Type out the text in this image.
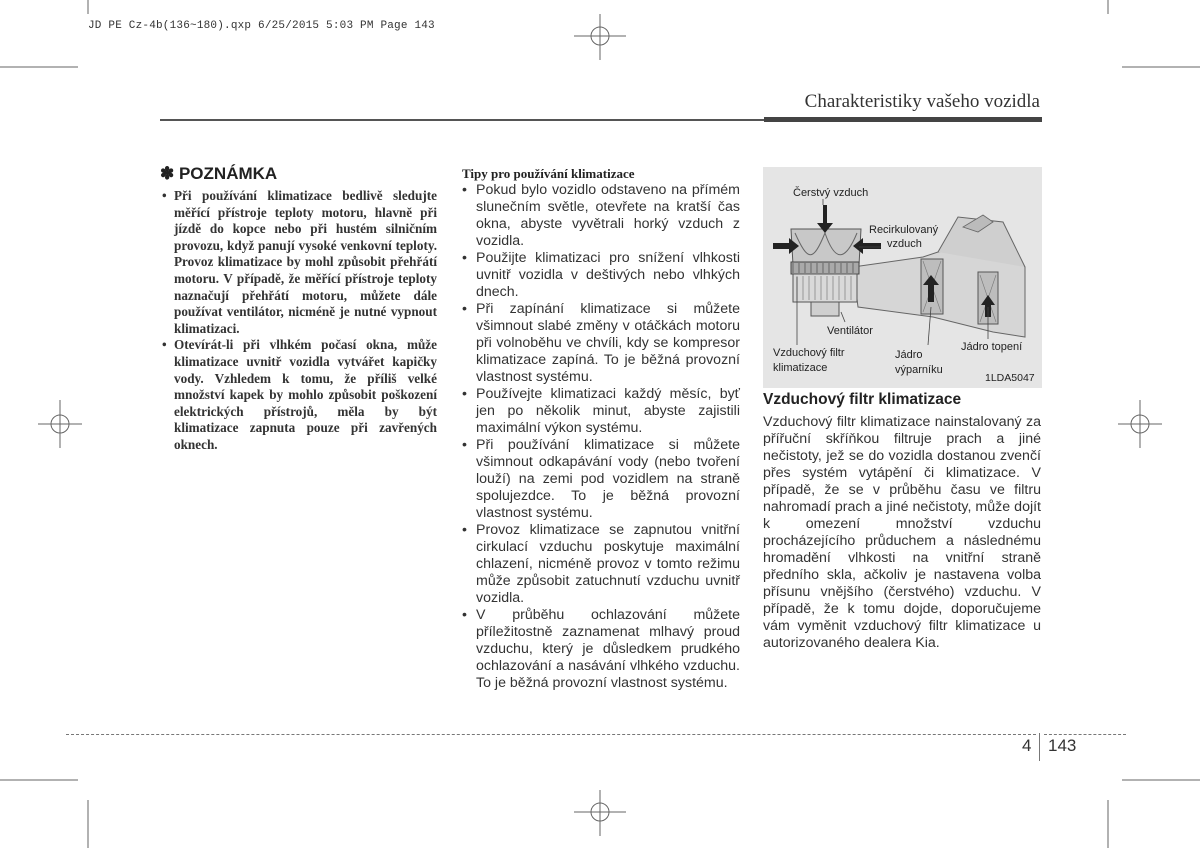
JD PE Cz-4b(136~180).qxp 6/25/2015 5:03 PM Page 143
Charakteristiky vašeho vozidla
✽ POZNÁMKA
• Při používání klimatizace bedlivě sledujte měřící přístroje teploty motoru, hlavně při jízdě do kopce nebo při hustém silničním provozu, když panují vysoké venkovní teploty. Provoz klimatizace by mohl způsobit přehřátí motoru. V případě, že měřící přístroje teploty naznačují přehřátí motoru, můžete dále používat ventilátor, nicméně je nutné vypnout klimatizaci.
• Otevírát-li při vlhkém počasí okna, může klimatizace uvnitř vozidla vytvářet kapičky vody. Vzhledem k tomu, že příliš velké množství kapek by mohlo způsobit poškození elektrických přístrojů, měla by být klimatizace zapnuta pouze při zavřených oknech.
Tipy pro používání klimatizace
• Pokud bylo vozidlo odstaveno na přímém slunečním světle, otevřete na kratší čas okna, abyste vyvětrali horký vzduch z vozidla.
• Použijte klimatizaci pro snížení vlhkosti uvnitř vozidla v deštivých nebo vlhkých dnech.
• Při zapínání klimatizace si můžete všimnout slabé změny v otáčkách motoru při volnoběhu ve chvíli, kdy se kompresor klimatizace zapíná. To je běžná provozní vlastnost systému.
• Používejte klimatizaci každý měsíc, byť jen po několik minut, abyste zajistili maximální výkon systému.
• Při používání klimatizace si můžete všimnout odkapávání vody (nebo tvoření louží) na zemi pod vozidlem na straně spolujezdce. To je běžná provozní vlastnost systému.
• Provoz klimatizace se zapnutou vnitřní cirkulací vzduchu poskytuje maximální chlazení, nicméně provoz v tomto režimu může způsobit zatuchnutí vzduchu uvnitř vozidla.
• V průběhu ochlazování můžete příležitostně zaznamenat mlhavý proud vzduchu, který je důsledkem prudkého ochlazování a nasávání vlhkého vzduchu. To je běžná provozní vlastnost systému.
Čerstvý vzduch
Recirkulovaný
vzduch
Ventilátor
Vzduchový filtr
klimatizace
Jádro
výparníku
Jádro topení
1LDA5047
Vzduchový filtr klimatizace

Vzduchový filtr klimatizace nainstalovaný za přířuční skříňkou filtruje prach a jiné nečistoty, jež se do vozidla dostanou zvenčí přes systém vytápění či klimatizace. V případě, že se v průběhu času ve filtru nahromadí prach a jiné nečistoty, může dojít k omezení množství vzduchu procházejícího průduchem a následnému hromadění vlhkosti na vnitřní straně předního skla, ačkoliv je nastavena volba přísunu vnějšího (čerstvého) vzduchu. V případě, že k tomu dojde, doporučujeme vám vyměnit vzduchový filtr klimatizace u autorizovaného dealera Kia.

4 143
